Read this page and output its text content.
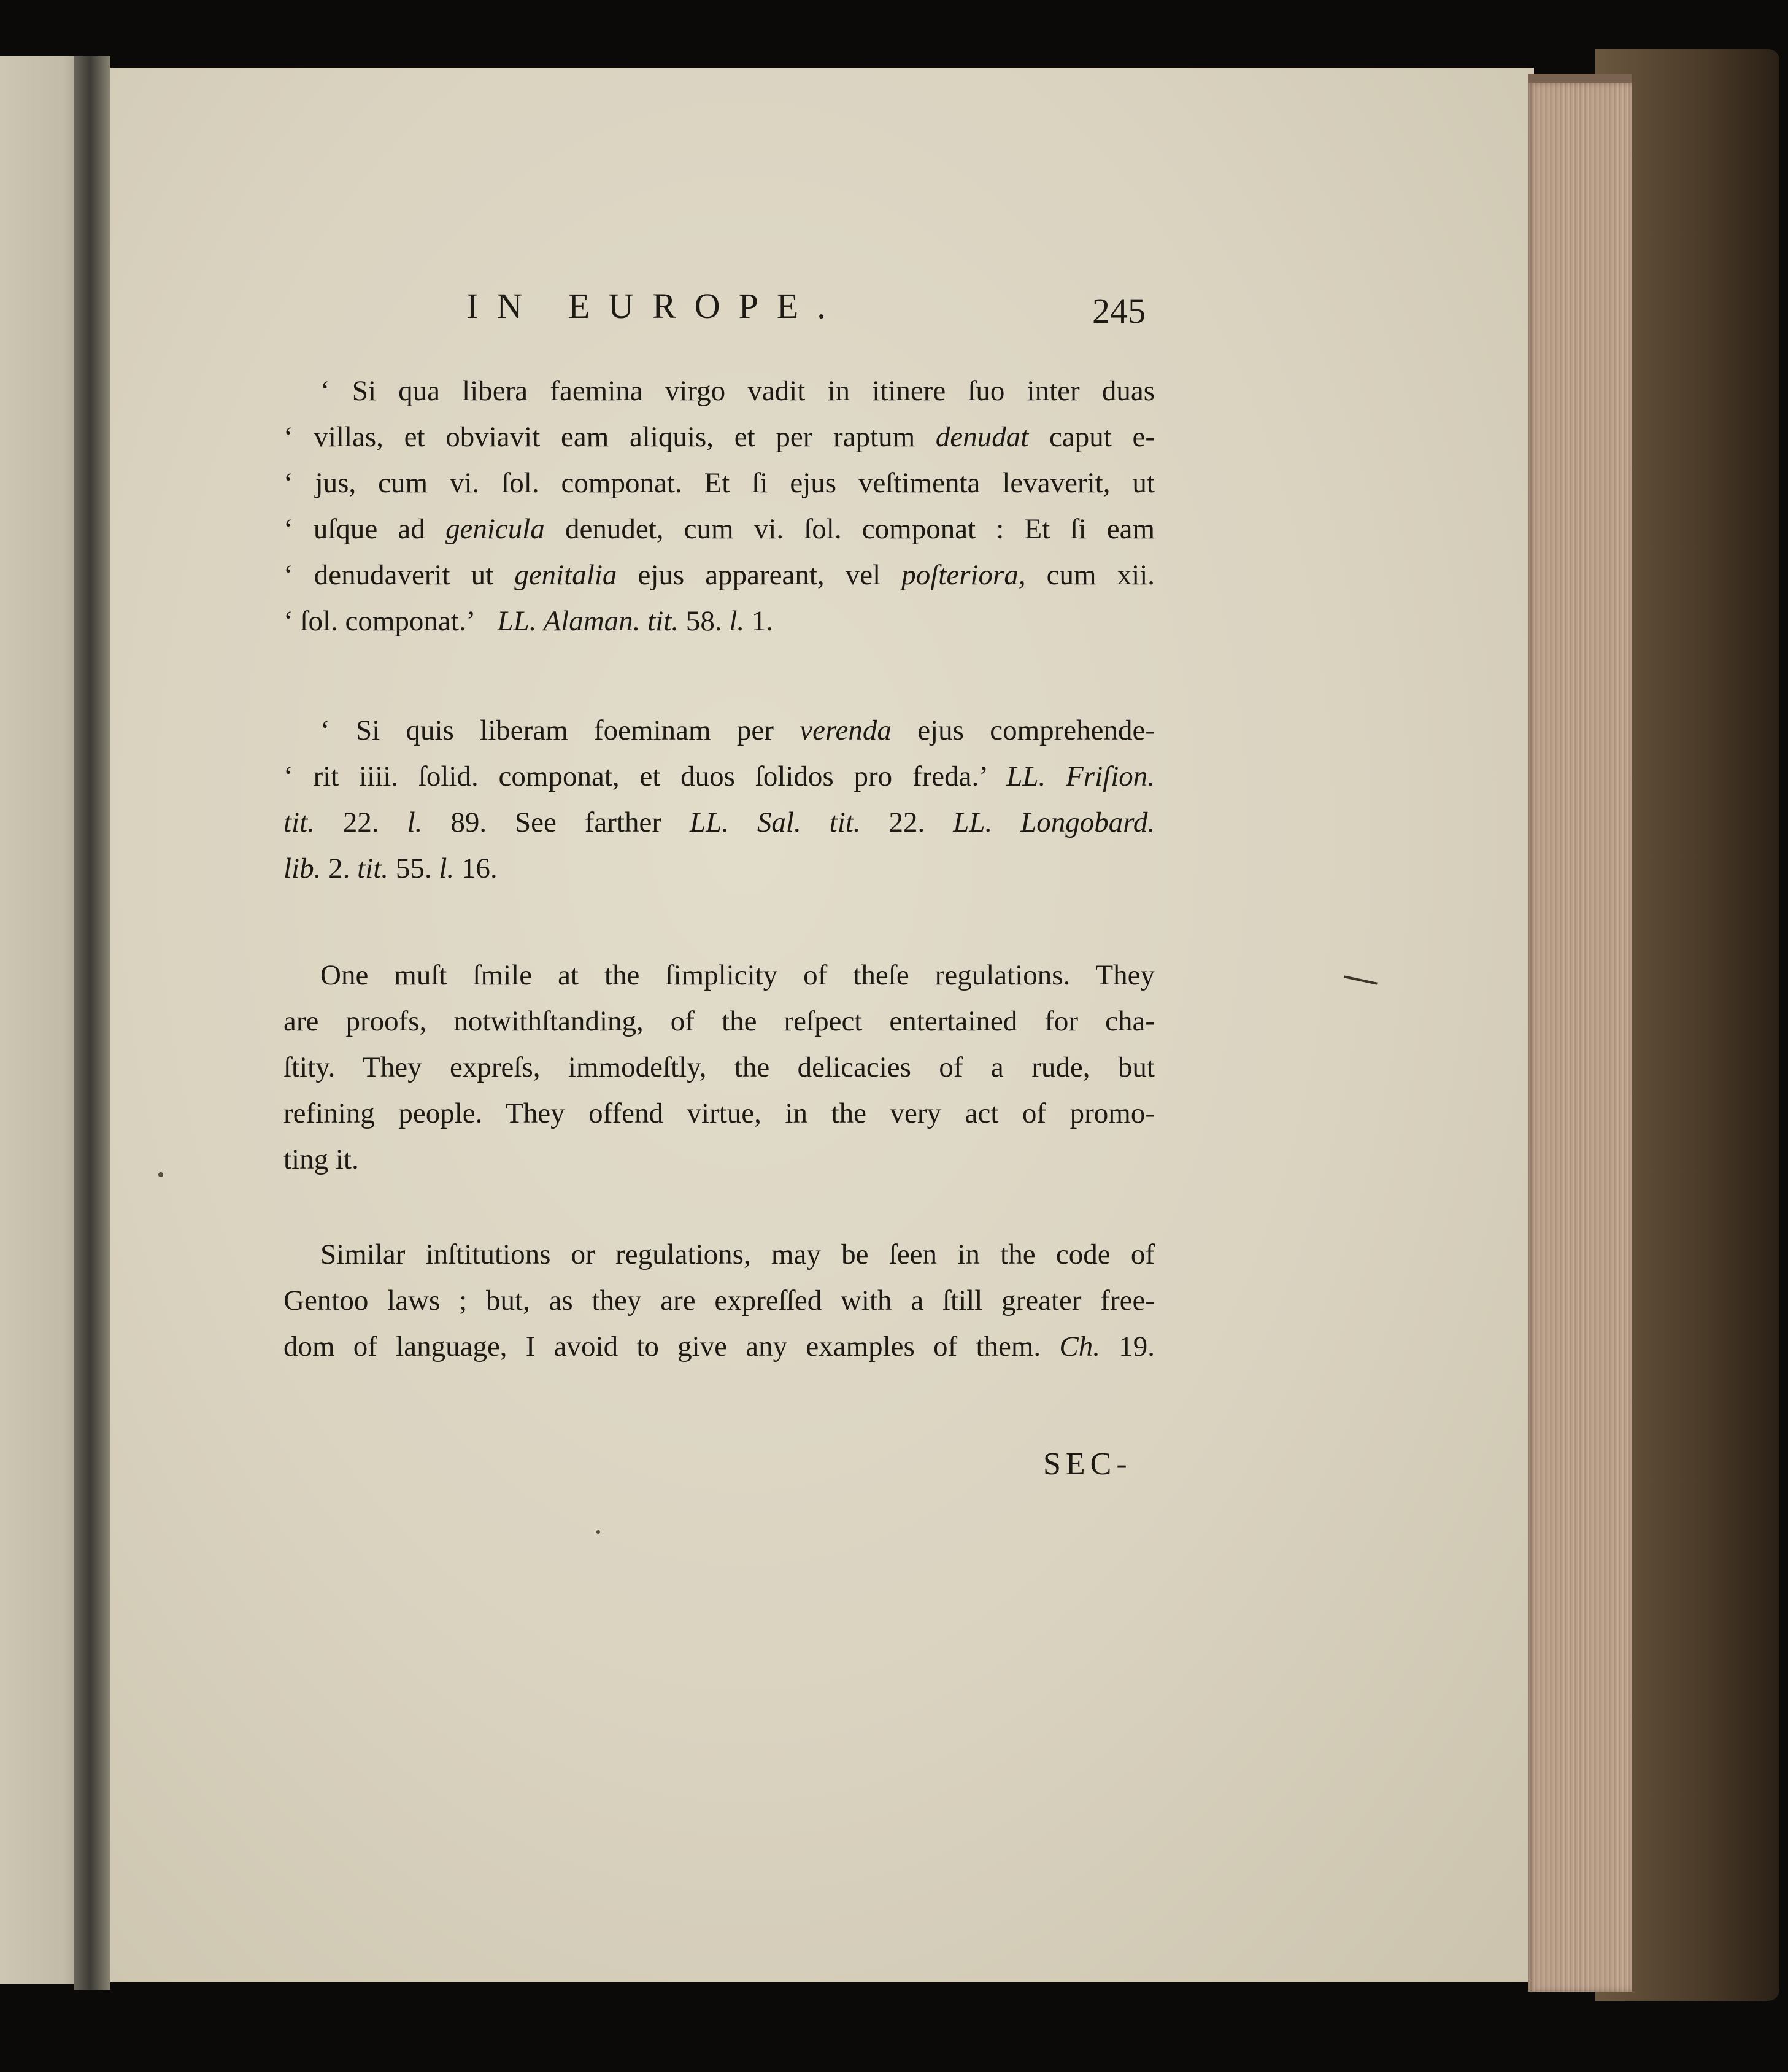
IN EUROPE.	245
‘ Si qua libera faemina virgo vadit in itinere ſuo inter duas
‘ villas, et obviavit eam aliquis, et per raptum denudat caput e-
‘ jus, cum vi. ſol. componat. Et ſi ejus veſtimenta levaverit, ut
‘ uſque ad genicula denudet, cum vi. ſol. componat : Et ſi eam
‘ denudaverit ut genitalia ejus appareant, vel poſteriora, cum xii.
‘ ſol. componat.’ LL. Alaman. tit. 58. l. 1.
‘ Si quis liberam foeminam per verenda ejus comprehende-
‘ rit iiii. ſolid. componat, et duos ſolidos pro freda.’ LL. Friſion.
tit. 22. l. 89. See farther LL. Sal. tit. 22. LL. Longobard.
lib. 2. tit. 55. l. 16.
One muſt ſmile at the ſimplicity of theſe regulations. They
are proofs, notwithſtanding, of the reſpect entertained for cha-
ſtity. They expreſs, immodeſtly, the delicacies of a rude, but
refining people. They offend virtue, in the very act of promo-
ting it.
Similar inſtitutions or regulations, may be ſeen in the code of
Gentoo laws ; but, as they are expreſſed with a ſtill greater free-
dom of language, I avoid to give any examples of them. Ch. 19.
SEC-
